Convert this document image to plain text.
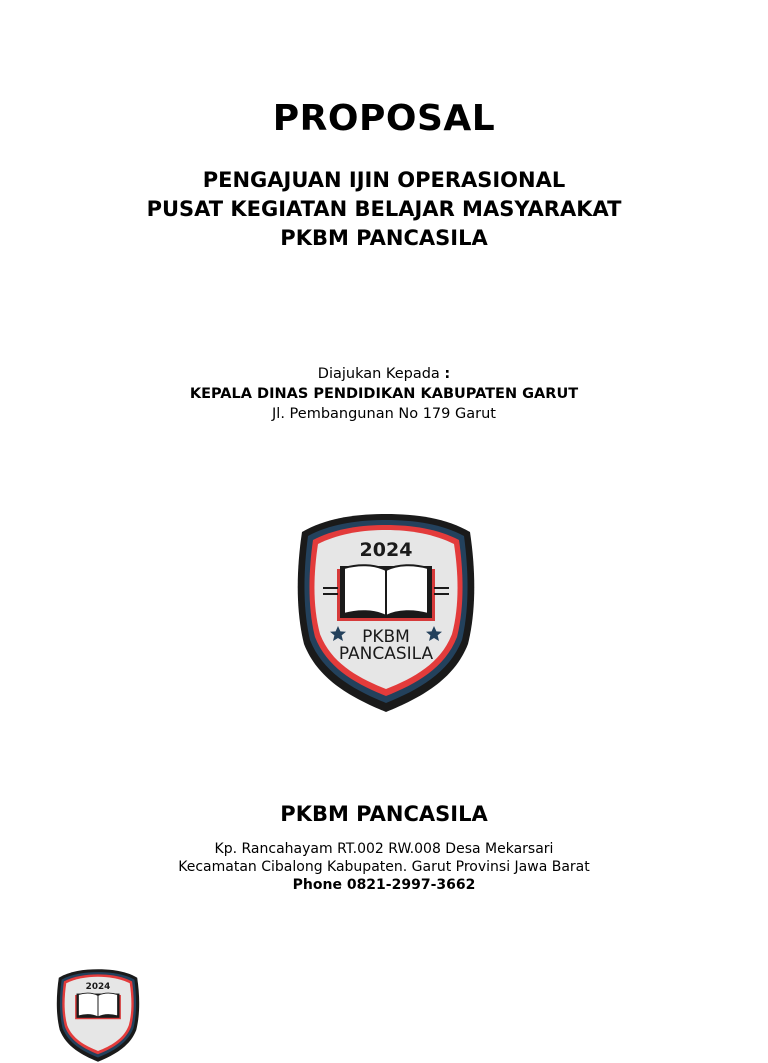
PROPOSAL
PENGAJUAN IJIN OPERASIONAL
PUSAT KEGIATAN BELAJAR MASYARAKAT
PKBM PANCASILA
Diajukan Kepada :
KEPALA DINAS PENDIDIKAN KABUPATEN GARUT
Jl. Pembangunan No 179 Garut
2024
PKBM
PANCASILA
PKBM PANCASILA
Kp. Rancahayam RT.002 RW.008 Desa Mekarsari
Kecamatan Cibalong Kabupaten. Garut Provinsi Jawa Barat
Phone 0821-2997-3662
2024
